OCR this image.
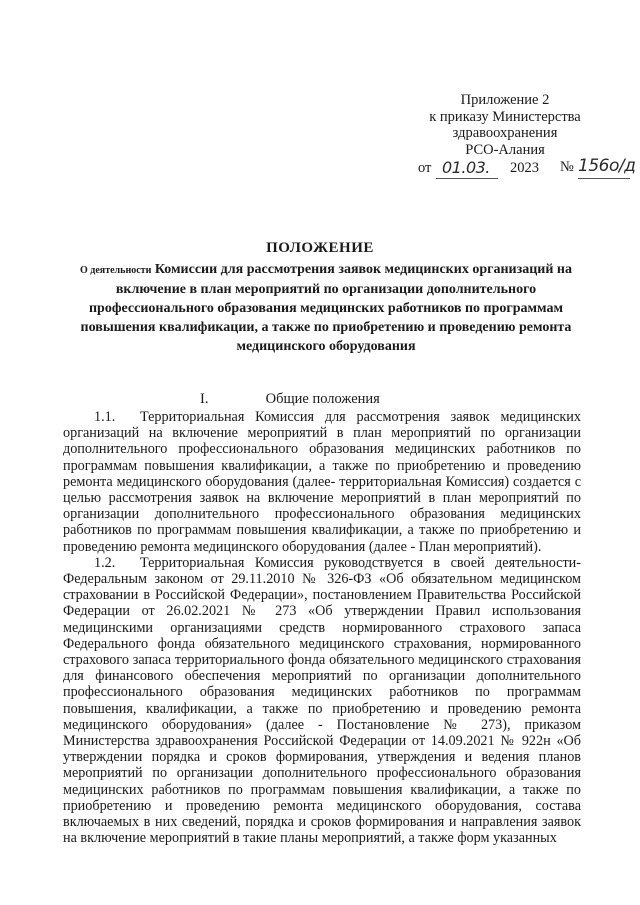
Приложение 2
к приказу Министерства
здравоохранения
РСО-Алания
от 01.03. 2023 № 156о/д
ПОЛОЖЕНИЕ
О деятельности Комиссии для рассмотрения заявок медицинских организаций на включение в план мероприятий по организации дополнительного профессионального образования медицинских работников по программам повышения квалификации, а также по приобретению и проведению ремонта медицинского оборудования
I.	Общие положения

1.1. Территориальная Комиссия для рассмотрения заявок медицинских организаций на включение мероприятий в план мероприятий по организации дополнительного профессионального образования медицинских работников по программам повышения квалификации, а также по приобретению и проведению ремонта медицинского оборудования (далее- территориальная Комиссия) создается с целью рассмотрения заявок на включение мероприятий в план мероприятий по организации дополнительного профессионального образования медицинских работников по программам повышения квалификации, а также по приобретению и проведению ремонта медицинского оборудования (далее - План мероприятий).

1.2. Территориальная Комиссия руководствуется в своей деятельности-Федеральным законом от 29.11.2010 № 326-ФЗ «Об обязательном медицинском страховании в Российской Федерации», постановлением Правительства Российской Федерации от 26.02.2021 № 273 «Об утверждении Правил использования медицинскими организациями средств нормированного страхового запаса Федерального фонда обязательного медицинского страхования, нормированного страхового запаса территориального фонда обязательного медицинского страхования для финансового обеспечения мероприятий по организации дополнительного профессионального образования медицинских работников по программам повышения, квалификации, а также по приобретению и проведению ремонта медицинского оборудования» (далее - Постановление № 273), приказом Министерства здравоохранения Российской Федерации от 14.09.2021 № 922н «Об утверждении порядка и сроков формирования, утверждения и ведения планов мероприятий по организации дополнительного профессионального образования медицинских работников по программам повышения квалификации, а также по приобретению и проведению ремонта медицинского оборудования, состава включаемых в них сведений, порядка и сроков формирования и направления заявок на включение мероприятий в такие планы мероприятий, а также форм указанных
